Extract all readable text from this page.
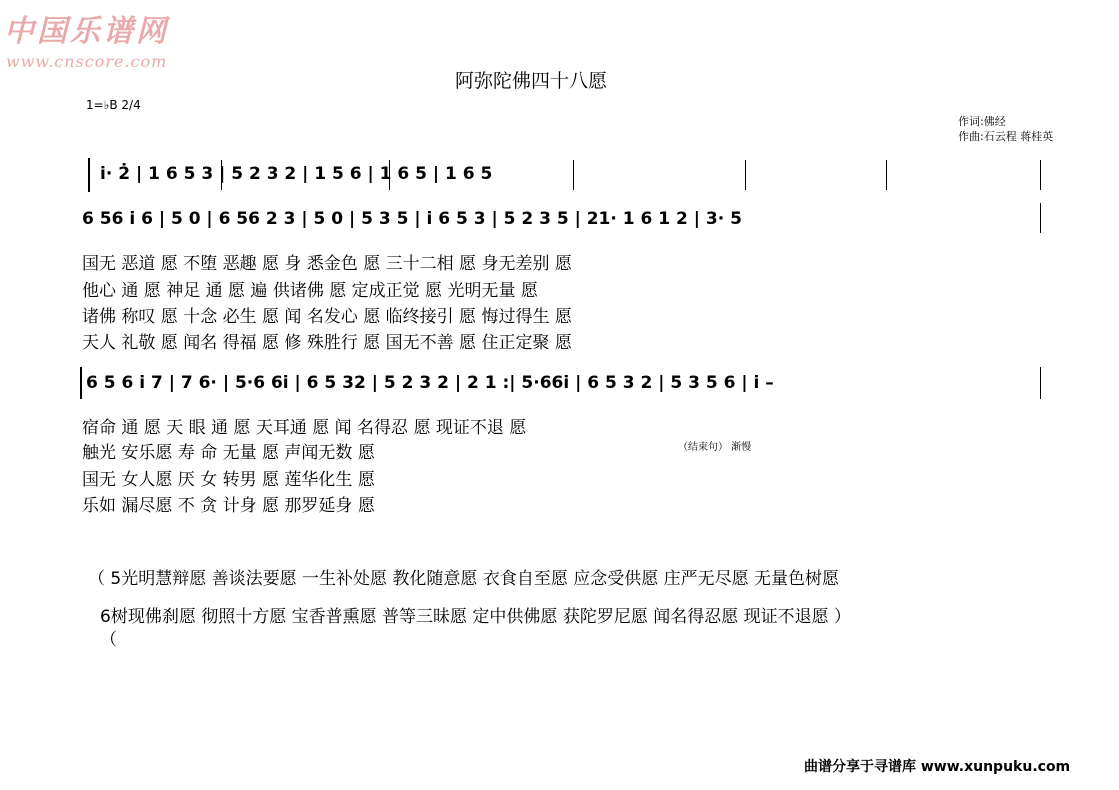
中国乐谱网
www.cnscore.com
阿弥陀佛四十八愿
1=♭B 2/4
作词:佛经
作曲:石云程 蒋桂英
ⅰ· 2̇ | 1 6 5 3 | 5 2 3 2 | 1 5 6 | 1 6 5 | 1 6 5
6 56 ⅰ 6 | 5 0 | 6 56 2 3 | 5 0 | 5 3 5 | ⅰ 6 5 3 | 5 2 3 5 | 21· 1 6 1 2 | 3· 5
国无 恶道 愿 不堕 恶趣 愿 身 悉金色 愿 三十二相 愿 身无差别 愿
他心 通 愿 神足 通 愿 遍 供诸佛 愿 定成正觉 愿 光明无量 愿
诸佛 称叹 愿 十念 必生 愿 闻 名发心 愿 临终接引 愿 悔过得生 愿
天人 礼敬 愿 闻名 得福 愿 修 殊胜行 愿 国无不善 愿 住正定聚 愿
6 5 6 ⅰ 7 | 7 6· | 5·6 6ⅰ | 6 5 32 | 5 2 3 2 | 2 1 :| 5·66ⅰ | 6 5 3 2 | 5 3 5 6 | ⅰ –
宿命 通 愿 天 眼 通 愿 天耳通 愿 闻 名得忍 愿 现证不退 愿
触光 安乐愿 寿 命 无量 愿 声闻无数 愿
国无 女人愿 厌 女 转男 愿 莲华化生 愿
乐如 漏尽愿 不 贪 计身 愿 那罗延身 愿
（结束句） 渐慢
（ 5光明慧辩愿 善谈法要愿 一生补处愿 教化随意愿 衣食自至愿 应念受供愿 庄严无尽愿 无量色树愿
6树现佛刹愿 彻照十方愿 宝香普熏愿 普等三昧愿 定中供佛愿 获陀罗尼愿 闻名得忍愿 现证不退愿 ）
（
曲谱分享于寻谱库 www.xunpuku.com
